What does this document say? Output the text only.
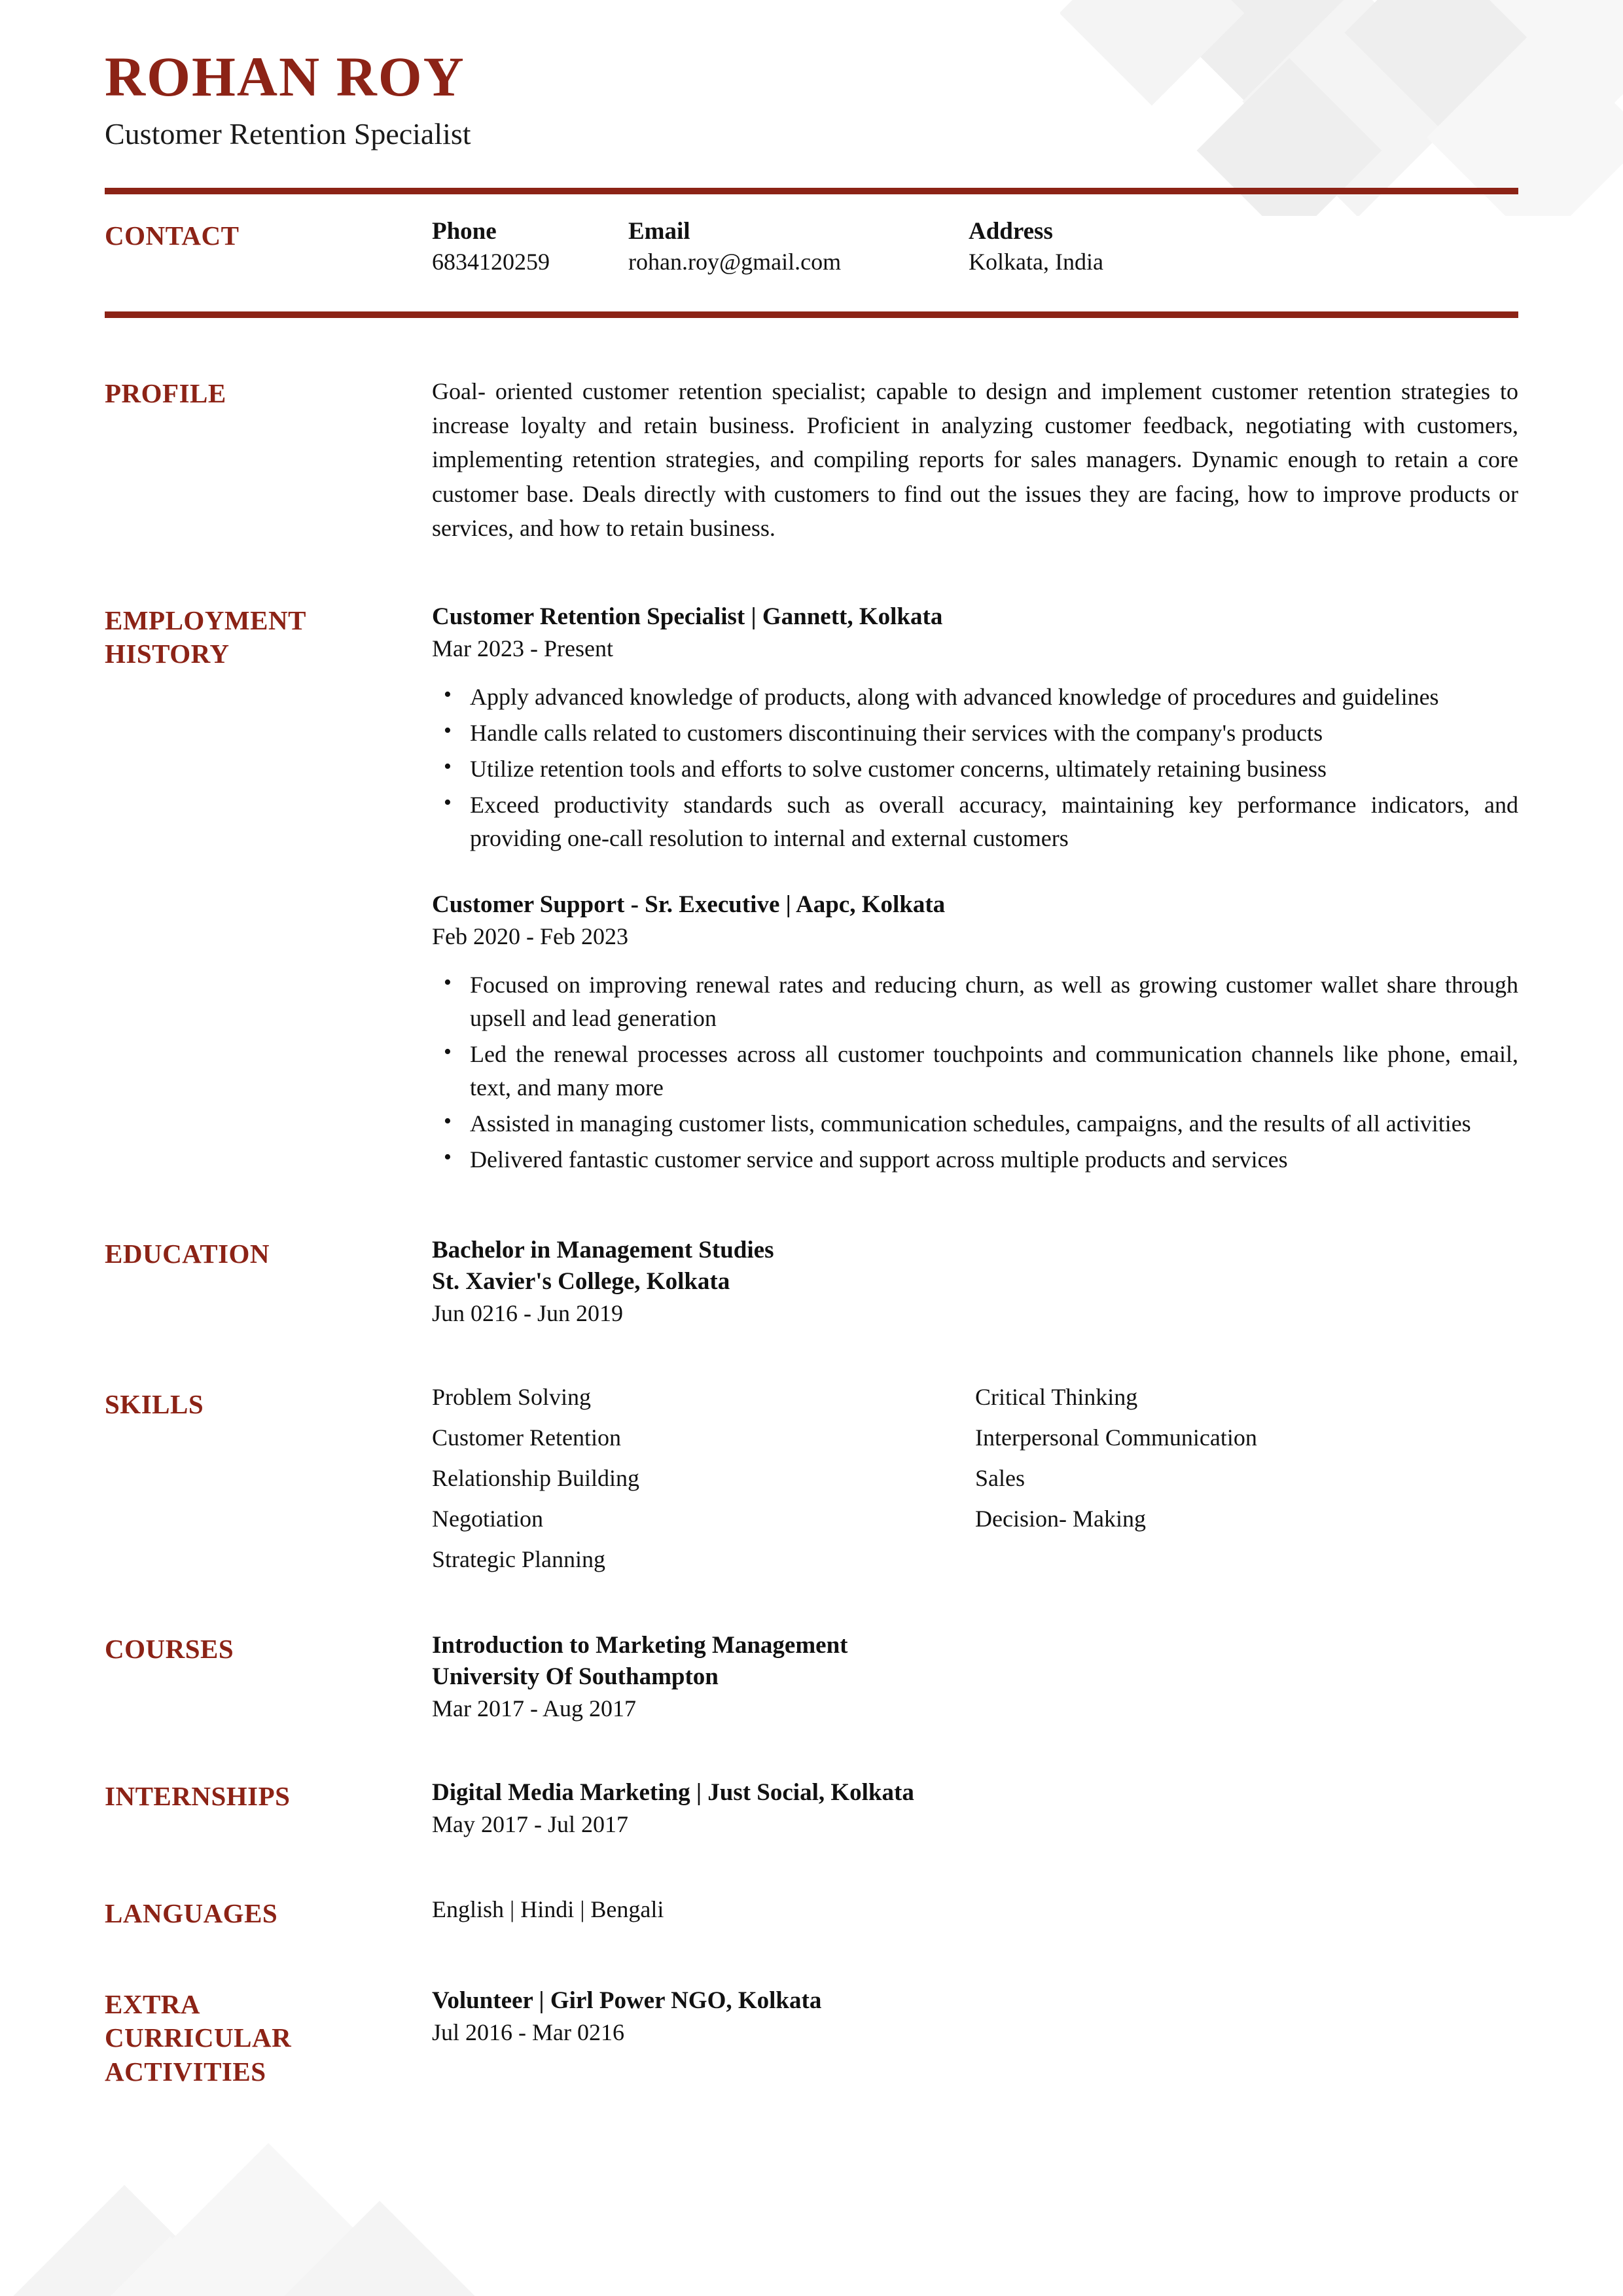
ROHAN ROY
Customer Retention Specialist
CONTACT	Phone
6834120259
Email
rohan.roy@gmail.com
Address
Kolkata, India
PROFILE	Goal- oriented customer retention specialist; capable to design and implement customer retention strategies to increase loyalty and retain business. Proficient in analyzing customer feedback, negotiating with customers, implementing retention strategies, and compiling reports for sales managers. Dynamic enough to retain a core customer base. Deals directly with customers to find out the issues they are facing, how to improve products or services, and how to retain business.

EMPLOYMENT
HISTORY
Customer Retention Specialist | Gannett, Kolkata
Mar 2023 - Present
• Apply advanced knowledge of products, along with advanced knowledge of procedures and guidelines
• Handle calls related to customers discontinuing their services with the company's products
• Utilize retention tools and efforts to solve customer concerns, ultimately retaining business
• Exceed productivity standards such as overall accuracy, maintaining key performance indicators, and providing one-call resolution to internal and external customers
Customer Support - Sr. Executive | Aapc, Kolkata
Feb 2020 - Feb 2023
• Focused on improving renewal rates and reducing churn, as well as growing customer wallet share through upsell and lead generation
• Led the renewal processes across all customer touchpoints and communication channels like phone, email, text, and many more
• Assisted in managing customer lists, communication schedules, campaigns, and the results of all activities
• Delivered fantastic customer service and support across multiple products and services
EDUCATION	Bachelor in Management Studies
St. Xavier's College, Kolkata
Jun 0216 - Jun 2019
SKILLS	Problem Solving
Customer Retention
Relationship Building
Negotiation
Strategic Planning
Critical Thinking
Interpersonal Communication
Sales
Decision- Making
COURSES	Introduction to Marketing Management
University Of Southampton
Mar 2017 - Aug 2017
INTERNSHIPS	Digital Media Marketing | Just Social, Kolkata
May 2017 - Jul 2017
LANGUAGES	English | Hindi | Bengali
EXTRA
CURRICULAR
ACTIVITIES
Volunteer | Girl Power NGO, Kolkata
Jul 2016 - Mar 0216
